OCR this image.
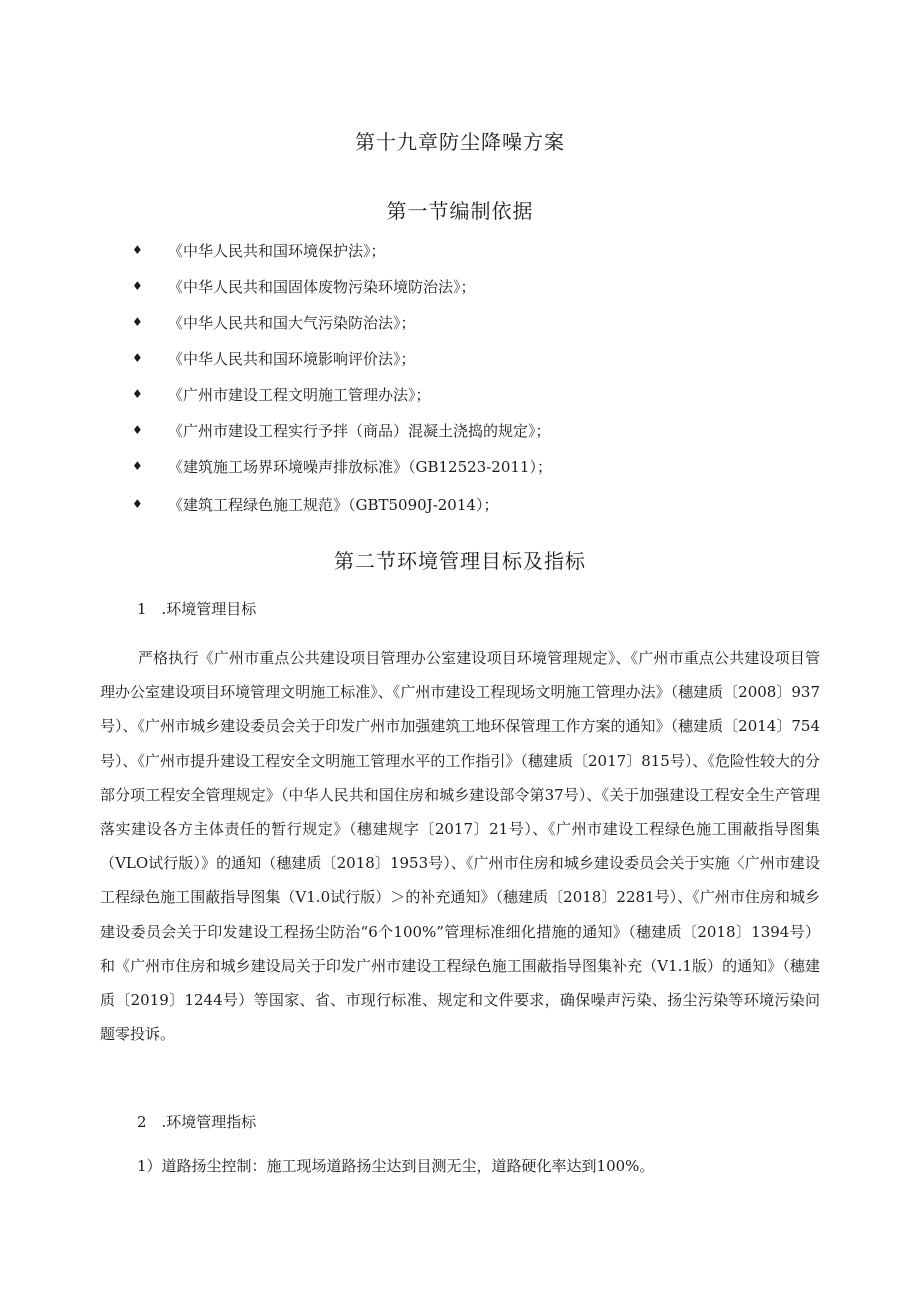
第十九章防尘降噪方案
第一节编制依据
♦	《中华人民共和国环境保护法》；
♦	《中华人民共和国固体废物污染环境防治法》；
♦	《中华人民共和国大气污染防治法》；
♦	《中华人民共和国环境影响评价法》；
♦	《广州市建设工程文明施工管理办法》；
♦	《广州市建设工程实行予拌（商品）混凝土浇捣的规定》；
♦	《建筑施工场界环境噪声排放标准》（GB12523-2011）；
♦	《建筑工程绿色施工规范》（GBT5090J-2014）；
第二节环境管理目标及指标
1　.环境管理目标

严格执行《广州市重点公共建设项目管理办公室建设项目环境管理规定》、《广州市重点公共建设项目管理办公室建设项目环境管理文明施工标准》、《广州市建设工程现场文明施工管理办法》（穗建质〔2008〕937号）、《广州市城乡建设委员会关于印发广州市加强建筑工地环保管理工作方案的通知》（穗建质〔2014〕754号）、《广州市提升建设工程安全文明施工管理水平的工作指引》（穗建质〔2017〕815号）、《危险性较大的分部分项工程安全管理规定》（中华人民共和国住房和城乡建设部令第37号）、《关于加强建设工程安全生产管理落实建设各方主体责任的暂行规定》（穗建规字〔2017〕21号）、《广州市建设工程绿色施工围蔽指导图集（VLO试行版）》的通知（穗建质〔2018〕1953号）、《广州市住房和城乡建设委员会关于实施〈广州市建设工程绿色施工围蔽指导图集（V1.0试行版）＞的补充通知》（穗建质〔2018〕2281号）、《广州市住房和城乡建设委员会关于印发建设工程扬尘防治“6个100%”管理标准细化措施的通知》（穗建质〔2018〕1394号）和《广州市住房和城乡建设局关于印发广州市建设工程绿色施工围蔽指导图集补充（V1.1版）的通知》（穗建质〔2019〕1244号）等国家、省、市现行标准、规定和文件要求，确保噪声污染、扬尘污染等环境污染问题零投诉。

2　.环境管理指标

1）道路扬尘控制：施工现场道路扬尘达到目测无尘，道路硬化率达到100%。
